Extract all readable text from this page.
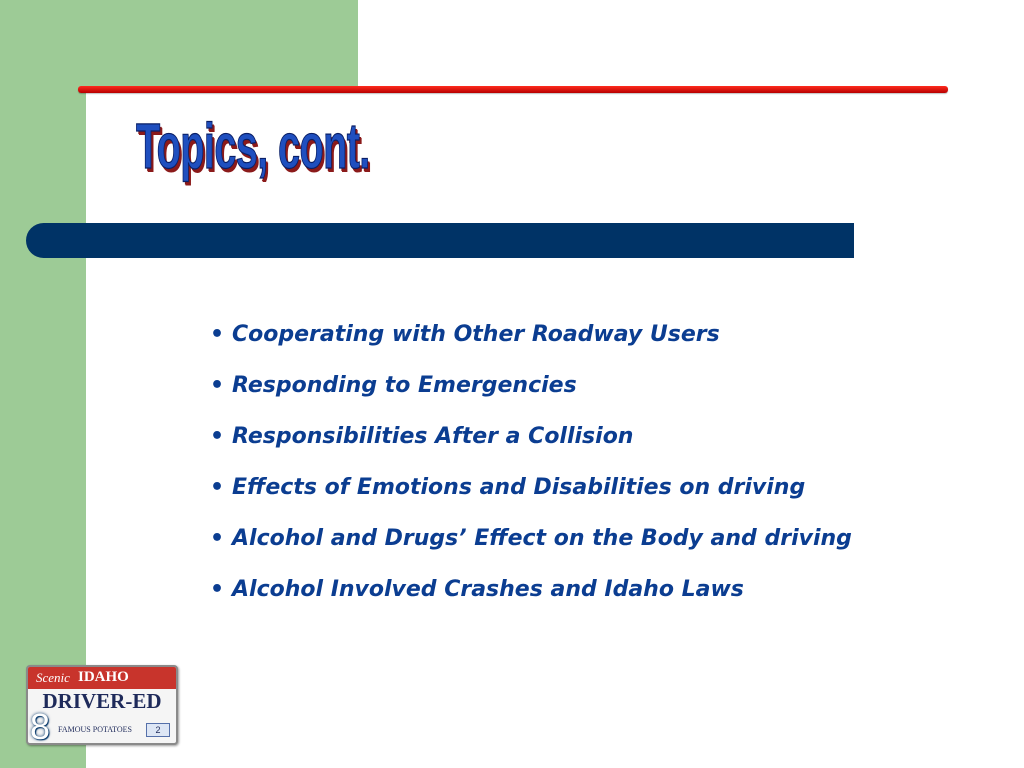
Topics, cont.
• Cooperating with Other Roadway Users
• Responding to Emergencies
• Responsibilities After a Collision
• Effects of Emotions and Disabilities on driving
• Alcohol and Drugs’ Effect on the Body and driving
• Alcohol Involved Crashes and Idaho Laws
Scenic IDAHO
DRIVER-ED
FAMOUS POTATOES	2
8
